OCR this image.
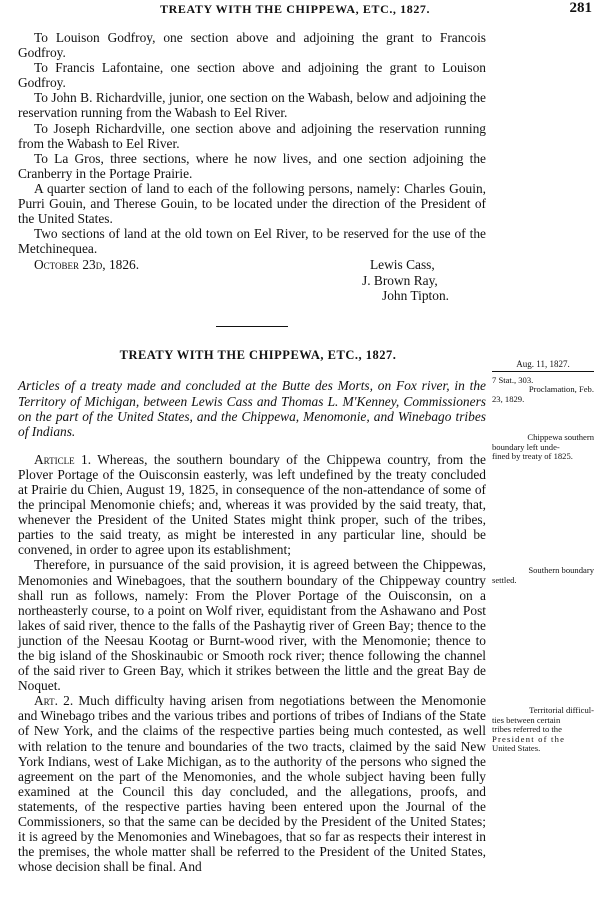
TREATY WITH THE CHIPPEWA, ETC., 1827.	281

To Louison Godfroy, one section above and adjoining the grant to Francois Godfroy.

To Francis Lafontaine, one section above and adjoining the grant to Louison Godfroy.

To John B. Richardville, junior, one section on the Wabash, below and adjoining the reservation running from the Wabash to Eel River.

To Joseph Richardville, one section above and adjoining the reservation running from the Wabash to Eel River.

To La Gros, three sections, where he now lives, and one section adjoining the Cranberry in the Portage Prairie.

A quarter section of land to each of the following persons, namely: Charles Gouin, Purri Gouin, and Therese Gouin, to be located under the direction of the President of the United States.

Two sections of land at the old town on Eel River, to be reserved for the use of the Metchinequea.

October 23d, 1826.	Lewis Cass,
J. Brown Ray,
John Tipton.
TREATY WITH THE CHIPPEWA, ETC., 1827.

Articles of a treaty made and concluded at the Butte des Morts, on Fox river, in the Territory of Michigan, between Lewis Cass and Thomas L. M'Kenney, Commissioners on the part of the United States, and the Chippewa, Menomonie, and Winebago tribes of Indians.

Article 1. Whereas, the southern boundary of the Chippewa country, from the Plover Portage of the Ouisconsin easterly, was left undefined by the treaty concluded at Prairie du Chien, August 19, 1825, in consequence of the non-attendance of some of the principal Menomonie chiefs; and, whereas it was provided by the said treaty, that, whenever the President of the United States might think proper, such of the tribes, parties to the said treaty, as might be interested in any particular line, should be convened, in order to agree upon its establishment;

Therefore, in pursuance of the said provision, it is agreed between the Chippewas, Menomonies and Winebagoes, that the southern boundary of the Chippeway country shall run as follows, namely: From the Plover Portage of the Ouisconsin, on a northeasterly course, to a point on Wolf river, equidistant from the Ashawano and Post lakes of said river, thence to the falls of the Pashaytig river of Green Bay; thence to the junction of the Neesau Kootag or Burnt-wood river, with the Menomonie; thence to the big island of the Shoskinaubic or Smooth rock river; thence following the channel of the said river to Green Bay, which it strikes between the little and the great Bay de Noquet.

Art. 2. Much difficulty having arisen from negotiations between the Menomonie and Winebago tribes and the various tribes and portions of tribes of Indians of the State of New York, and the claims of the respective parties being much contested, as well with relation to the tenure and boundaries of the two tracts, claimed by the said New York Indians, west of Lake Michigan, as to the authority of the persons who signed the agreement on the part of the Menomonies, and the whole subject having been fully examined at the Council this day concluded, and the allegations, proofs, and statements, of the respective parties having been entered upon the Journal of the Commissioners, so that the same can be decided by the President of the United States; it is agreed by the Menomonies and Winebagoes, that so far as respects their interest in the premises, the whole matter shall be referred to the President of the United States, whose decision shall be final. And

Aug. 11, 1827.
7 Stat., 303.
Proclamation, Feb.
23, 1829.
Chippewa southern
boundary left unde-
fined by treaty of 1825.
Southern boundary
settled.
Territorial difficul-
ties between certain
tribes referred to the
President of the
United States.
